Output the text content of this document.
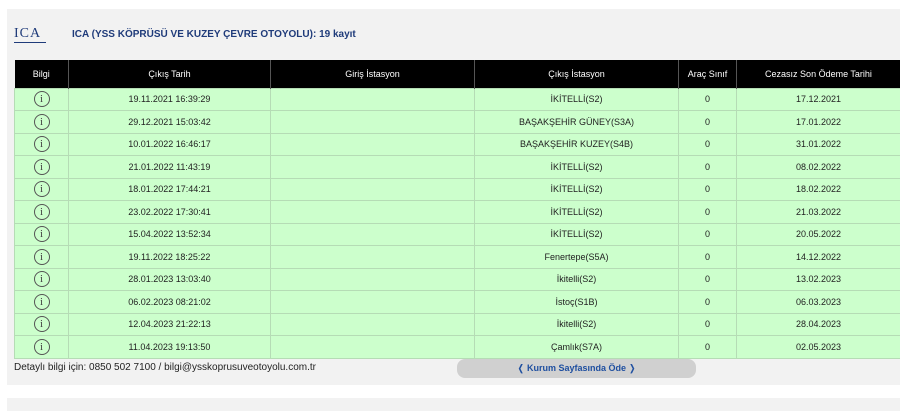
ICA	ICA (YSS KÖPRÜSÜ VE KUZEY ÇEVRE OTOYOLU): 19 kayıt
Bilgi	Çıkış Tarih	Giriş İstasyon	Çıkış İstasyon	Araç Sınıf	Cezasız Son Ödeme Tarihi
i	19.11.2021 16:39:29		İKİTELLİ(S2)	0	17.12.2021
i	29.12.2021 15:03:42		BAŞAKŞEHİR GÜNEY(S3A)	0	17.01.2022
i	10.01.2022 16:46:17		BAŞAKŞEHİR KUZEY(S4B)	0	31.01.2022
i	21.01.2022 11:43:19		İKİTELLİ(S2)	0	08.02.2022
i	18.01.2022 17:44:21		İKİTELLİ(S2)	0	18.02.2022
i	23.02.2022 17:30:41		İKİTELLİ(S2)	0	21.03.2022
i	15.04.2022 13:52:34		İKİTELLİ(S2)	0	20.05.2022
i	19.11.2022 18:25:22		Fenertepe(S5A)	0	14.12.2022
i	28.01.2023 13:03:40		İkitelli(S2)	0	13.02.2023
i	06.02.2023 08:21:02		İstoç(S1B)	0	06.03.2023
i	12.04.2023 21:22:13		İkitelli(S2)	0	28.04.2023
i	11.04.2023 19:13:50		Çamlık(S7A)	0	02.05.2023
Detaylı bilgi için: 0850 502 7100 / bilgi@ysskoprusuveotoyolu.com.tr	❬ Kurum Sayfasında Öde ❭
